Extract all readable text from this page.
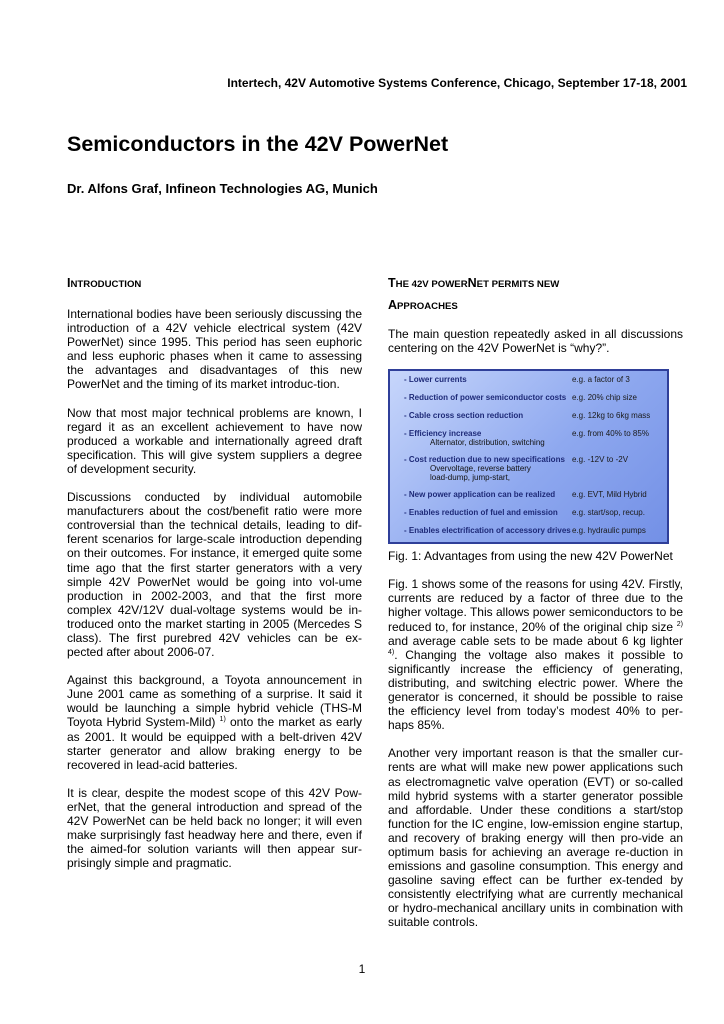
Intertech, 42V Automotive Systems Conference, Chicago, September 17-18, 2001
Semiconductors in the 42V PowerNet
Dr. Alfons Graf, Infineon Technologies AG, Munich
INTRODUCTION

International bodies have been seriously discussing the introduction of a 42V vehicle electrical system (42V PowerNet) since 1995. This period has seen euphoric and less euphoric phases when it came to assessing the advantages and disadvantages of this new PowerNet and the timing of its market introduc-tion.

Now that most major technical problems are known, I regard it as an excellent achievement to have now produced a workable and internationally agreed draft specification. This will give system suppliers a degree of development security.

Discussions conducted by individual automobile manufacturers about the cost/benefit ratio were more controversial than the technical details, leading to dif-ferent scenarios for large-scale introduction depending on their outcomes. For instance, it emerged quite some time ago that the first starter generators with a very simple 42V PowerNet would be going into vol-ume production in 2002-2003, and that the first more complex 42V/12V dual-voltage systems would be in-troduced onto the market starting in 2005 (Mercedes S class). The first purebred 42V vehicles can be ex-pected after about 2006-07.

Against this background, a Toyota announcement in June 2001 came as something of a surprise. It said it would be launching a simple hybrid vehicle (THS-M Toyota Hybrid System-Mild) $^{1)}$ onto the market as early as 2001. It would be equipped with a belt-driven 42V starter generator and allow braking energy to be recovered in lead-acid batteries.

It is clear, despite the modest scope of this 42V Pow-erNet, that the general introduction and spread of the 42V PowerNet can be held back no longer; it will even make surprisingly fast headway here and there, even if the aimed-for solution variants will then appear sur-prisingly simple and pragmatic.

THE 42V POWERNET PERMITS NEW
APPROACHES

The main question repeatedly asked in all discussions centering on the 42V PowerNet is “why?”.

- Lower currents	e.g. a factor of 3
- Reduction of power semiconductor costs e.g. 20% chip size
- Cable cross section reduction	e.g. 12kg to 6kg mass
- Efficiency increase
Alternator, distribution, switching
e.g. from 40% to 85%
- Cost reduction due to new specifications
Overvoltage, reverse battery
load-dump, jump-start,
e.g. -12V to -2V
- New power application can be realized	e.g. EVT, Mild Hybrid
- Enables reduction of fuel and emission	e.g. start/sop, recup.
- Enables electrification of accessory drives e.g. hydraulic pumps
Fig. 1: Advantages from using the new 42V PowerNet

Fig. 1 shows some of the reasons for using 42V. Firstly, currents are reduced by a factor of three due to the higher voltage. This allows power semiconductors to be reduced to, for instance, 20% of the original chip size $^{2)}$ and average cable sets to be made about 6 kg lighter $^{4)}$. Changing the voltage also makes it possible to significantly increase the efficiency of generating, distributing, and switching electric power. Where the generator is concerned, it should be possible to raise the efficiency level from today’s modest 40% to per-haps 85%.

Another very important reason is that the smaller cur-rents are what will make new power applications such as electromagnetic valve operation (EVT) or so-called mild hybrid systems with a starter generator possible and affordable. Under these conditions a start/stop function for the IC engine, low-emission engine startup, and recovery of braking energy will then pro-vide an optimum basis for achieving an average re-duction in emissions and gasoline consumption. This energy and gasoline saving effect can be further ex-tended by consistently electrifying what are currently mechanical or hydro-mechanical ancillary units in combination with suitable controls.

1
